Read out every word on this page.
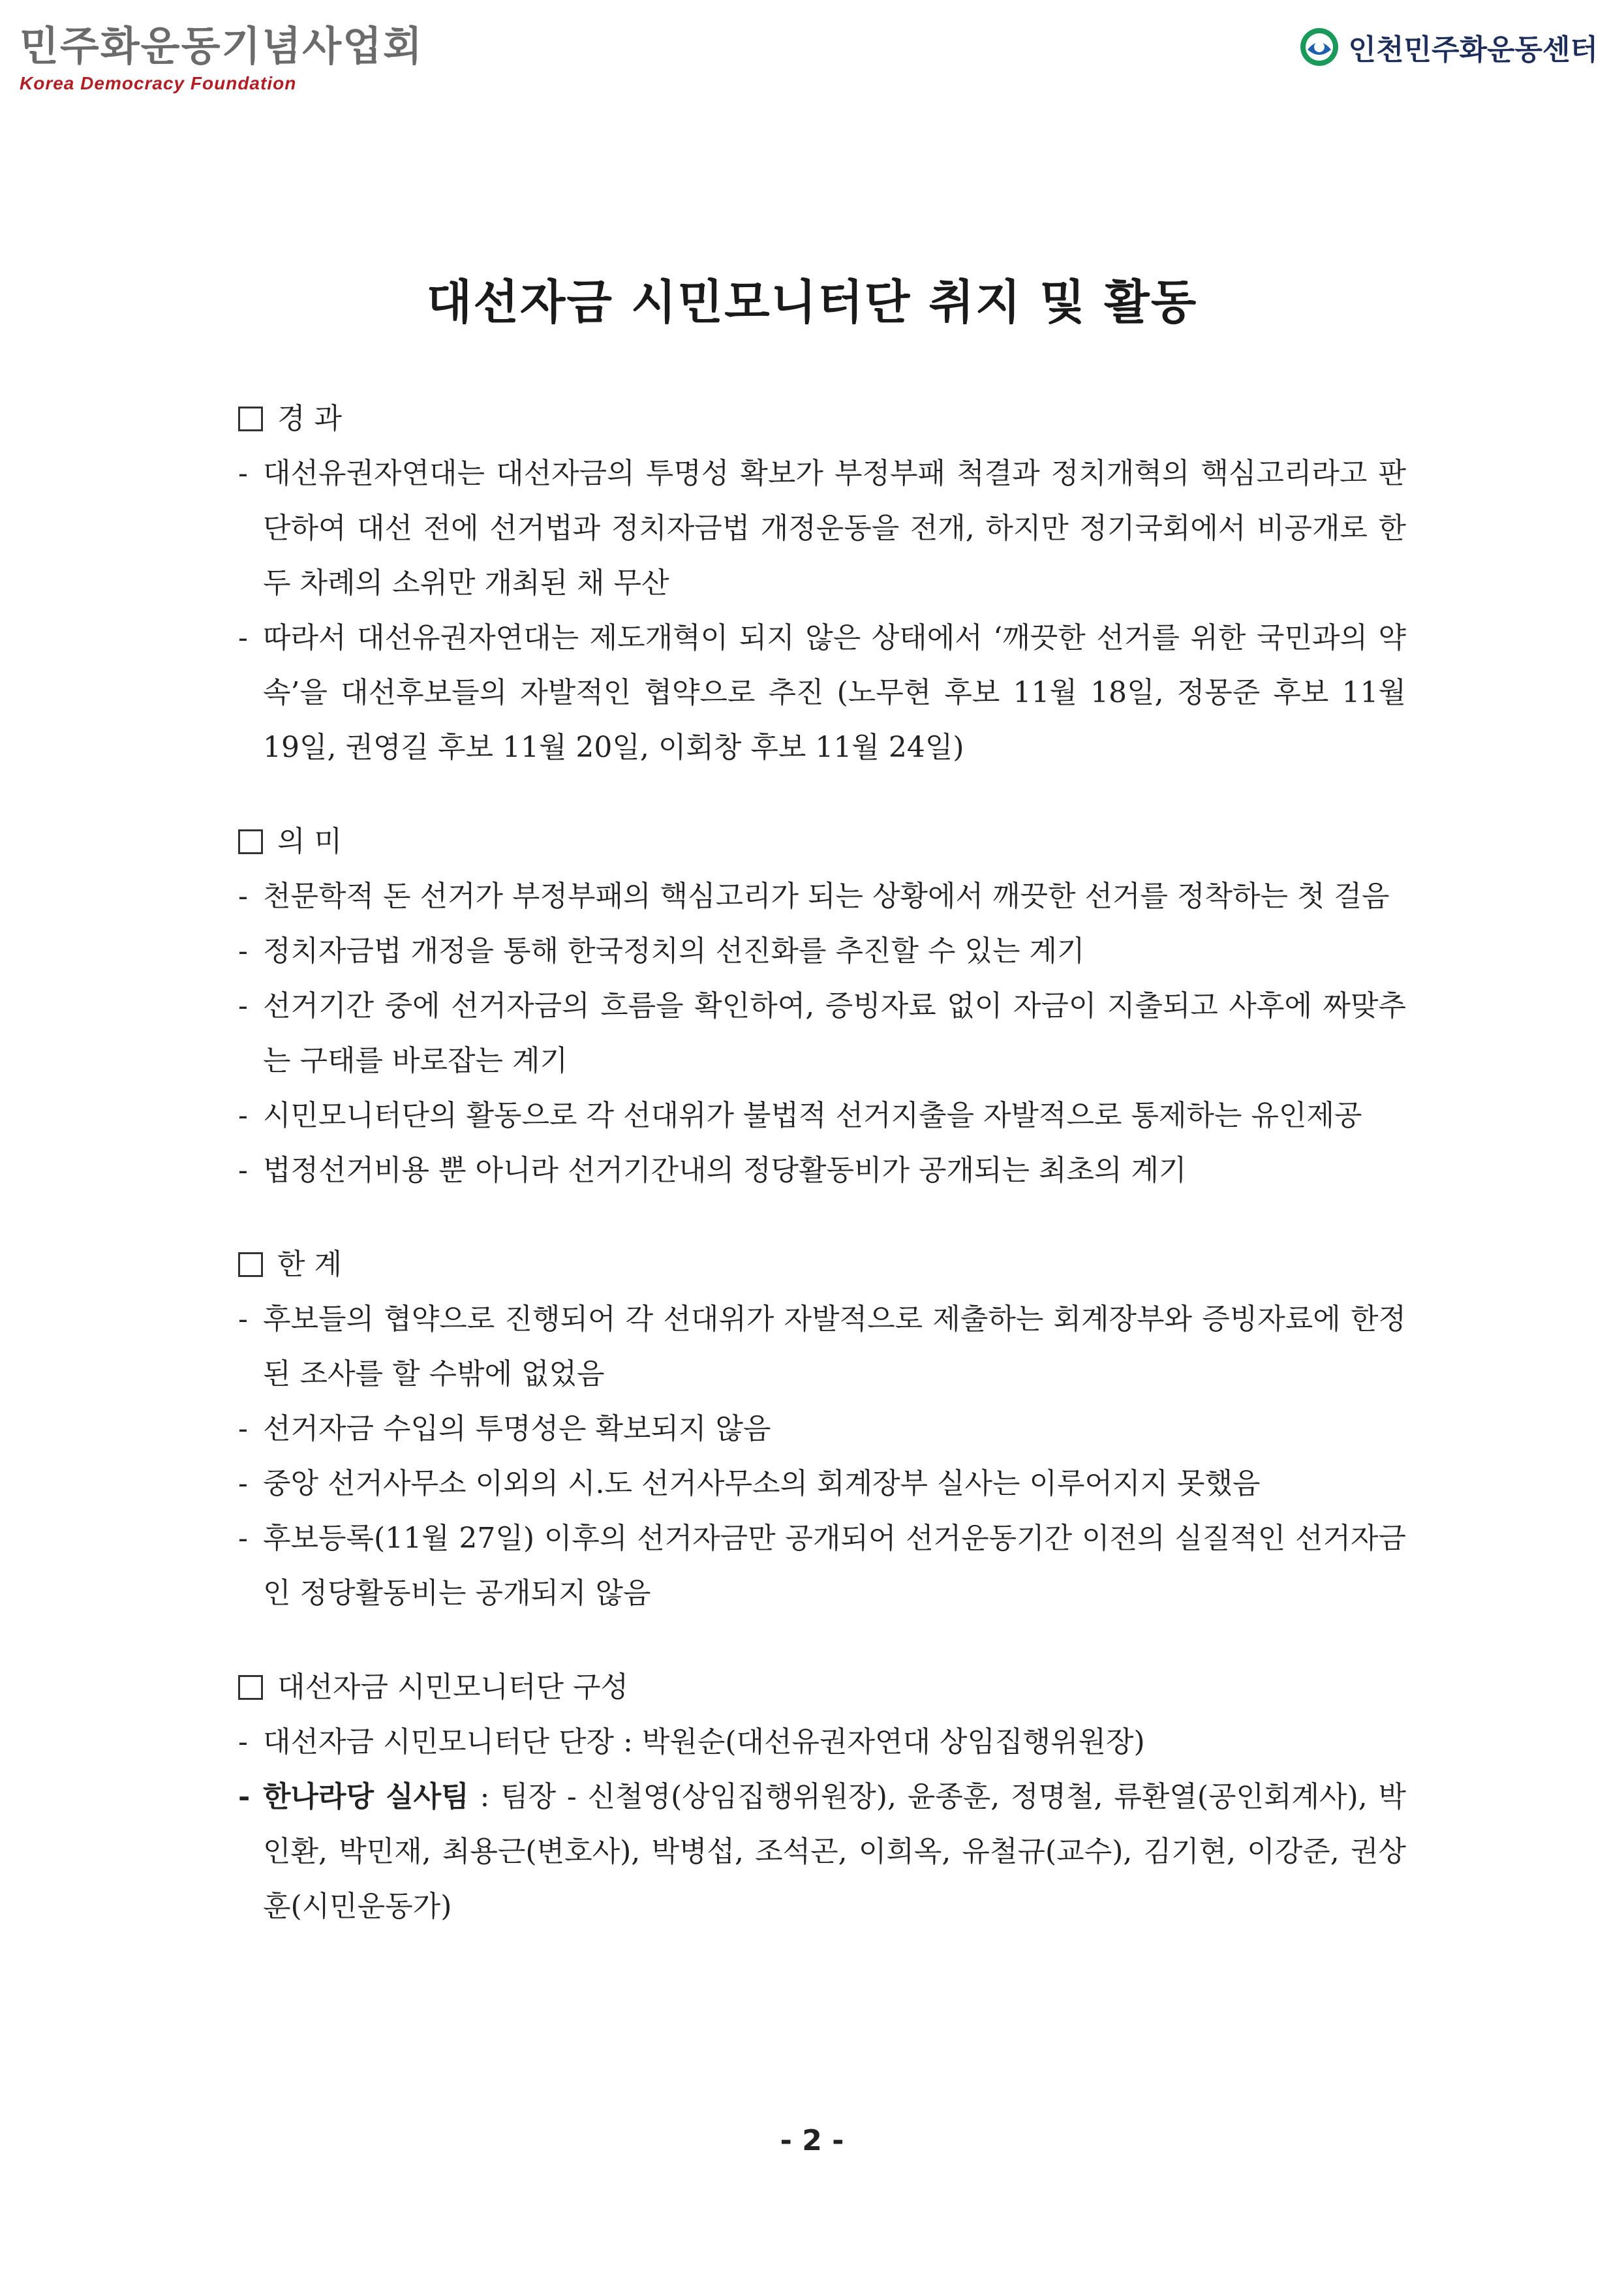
민주화운동기념사업회
Korea Democracy Foundation
인천민주화운동센터
대선자금 시민모니터단 취지 및 활동
경 과
- 대선유권자연대는 대선자금의 투명성 확보가 부정부패 척결과 정치개혁의 핵심고리라고 판단하여 대선 전에 선거법과 정치자금법 개정운동을 전개, 하지만 정기국회에서 비공개로 한두 차례의 소위만 개최된 채 무산
- 따라서 대선유권자연대는 제도개혁이 되지 않은 상태에서 ‘깨끗한 선거를 위한 국민과의 약속’을 대선후보들의 자발적인 협약으로 추진 (노무현 후보 11월 18일, 정몽준 후보 11월 19일, 권영길 후보 11월 20일, 이회창 후보 11월 24일)
의 미
- 천문학적 돈 선거가 부정부패의 핵심고리가 되는 상황에서 깨끗한 선거를 정착하는 첫 걸음
- 정치자금법 개정을 통해 한국정치의 선진화를 추진할 수 있는 계기
- 선거기간 중에 선거자금의 흐름을 확인하여, 증빙자료 없이 자금이 지출되고 사후에 짜맞추는 구태를 바로잡는 계기
- 시민모니터단의 활동으로 각 선대위가 불법적 선거지출을 자발적으로 통제하는 유인제공
- 법정선거비용 뿐 아니라 선거기간내의 정당활동비가 공개되는 최초의 계기
한 계
- 후보들의 협약으로 진행되어 각 선대위가 자발적으로 제출하는 회계장부와 증빙자료에 한정된 조사를 할 수밖에 없었음
- 선거자금 수입의 투명성은 확보되지 않음
- 중앙 선거사무소 이외의 시.도 선거사무소의 회계장부 실사는 이루어지지 못했음
- 후보등록(11월 27일) 이후의 선거자금만 공개되어 선거운동기간 이전의 실질적인 선거자금인 정당활동비는 공개되지 않음
대선자금 시민모니터단 구성
- 대선자금 시민모니터단 단장 : 박원순(대선유권자연대 상임집행위원장)
- 한나라당 실사팀 : 팀장 - 신철영(상임집행위원장), 윤종훈, 정명철, 류환열(공인회계사), 박인환, 박민재, 최용근(변호사), 박병섭, 조석곤, 이희옥, 유철규(교수), 김기현, 이강준, 권상훈(시민운동가)
- 2 -
